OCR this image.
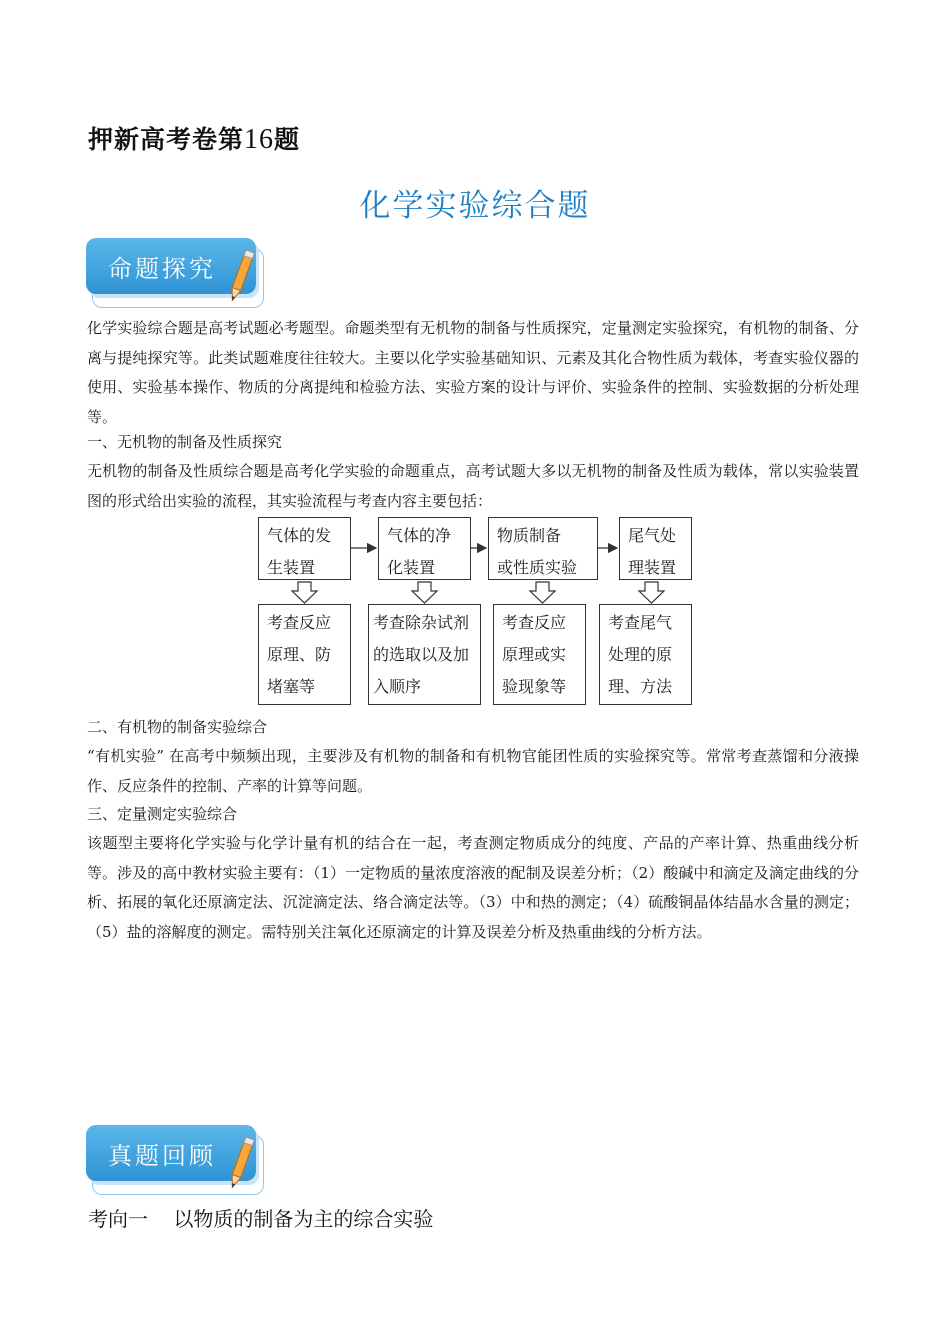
押新高考卷第16题
化学实验综合题
命题探究
化学实验综合题是高考试题必考题型。命题类型有无机物的制备与性质探究，定量测定实验探究，有机物的制备、分离与提纯探究等。此类试题难度往往较大。主要以化学实验基础知识、元素及其化合物性质为载体，考查实验仪器的使用、实验基本操作、物质的分离提纯和检验方法、实验方案的设计与评价、实验条件的控制、实验数据的分析处理等。
一、无机物的制备及性质探究
无机物的制备及性质综合题是高考化学实验的命题重点，高考试题大多以无机物的制备及性质为载体，常以实验装置图的形式给出实验的流程，其实验流程与考查内容主要包括：
气体的发
生装置
气体的净
化装置
物质制备
或性质实验
尾气处
理装置
考查反应
原理、防
堵塞等
考查除杂试剂
的选取以及加
入顺序
考查反应
原理或实
验现象等
考查尾气
处理的原
理、方法
二、有机物的制备实验综合
“有机实验” 在高考中频频出现，主要涉及有机物的制备和有机物官能团性质的实验探究等。常常考查蒸馏和分液操作、反应条件的控制、产率的计算等问题。
三、定量测定实验综合
该题型主要将化学实验与化学计量有机的结合在一起，考查测定物质成分的纯度、产品的产率计算、热重曲线分析等。涉及的高中教材实验主要有：（1）一定物质的量浓度溶液的配制及误差分析；（2）酸碱中和滴定及滴定曲线的分析、拓展的氧化还原滴定法、沉淀滴定法、络合滴定法等。（3）中和热的测定；（4）硫酸铜晶体结晶水含量的测定；（5）盐的溶解度的测定。需特别关注氧化还原滴定的计算及误差分析及热重曲线的分析方法。
真题回顾
考向一 以物质的制备为主的综合实验
